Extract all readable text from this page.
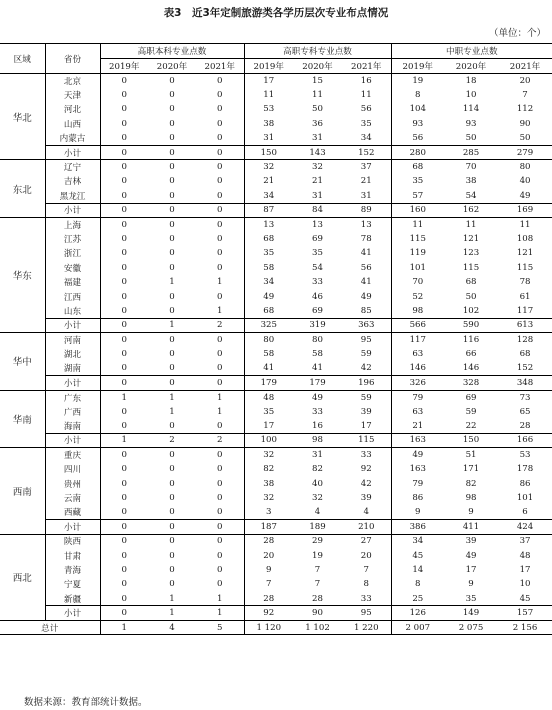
表3　近3年定制旅游类各学历层次专业布点情况
（单位：个）
区域	省份	高职本科专业点数			高职专科专业点数			中职专业点数		
		2019年	2020年	2021年	2019年	2020年	2021年	2019年	2020年	2021年
华北	北京	0	0	0	17	15	16	19	18	20
	天津	0	0	0	11	11	11	8	10	7
	河北	0	0	0	53	50	56	104	114	112
	山西	0	0	0	38	36	35	93	93	90
	内蒙古	0	0	0	31	31	34	56	50	50
	小计	0	0	0	150	143	152	280	285	279
东北	辽宁	0	0	0	32	32	37	68	70	80
	吉林	0	0	0	21	21	21	35	38	40
	黑龙江	0	0	0	34	31	31	57	54	49
	小计	0	0	0	87	84	89	160	162	169
华东	上海	0	0	0	13	13	13	11	11	11
	江苏	0	0	0	68	69	78	115	121	108
	浙江	0	0	0	35	35	41	119	123	121
	安徽	0	0	0	58	54	56	101	115	115
	福建	0	1	1	34	33	41	70	68	78
	江西	0	0	0	49	46	49	52	50	61
	山东	0	0	1	68	69	85	98	102	117
	小计	0	1	2	325	319	363	566	590	613
华中	河南	0	0	0	80	80	95	117	116	128
	湖北	0	0	0	58	58	59	63	66	68
	湖南	0	0	0	41	41	42	146	146	152
	小计	0	0	0	179	179	196	326	328	348
华南	广东	1	1	1	48	49	59	79	69	73
	广西	0	1	1	35	33	39	63	59	65
	海南	0	0	0	17	16	17	21	22	28
	小计	1	2	2	100	98	115	163	150	166
西南	重庆	0	0	0	32	31	33	49	51	53
	四川	0	0	0	82	82	92	163	171	178
	贵州	0	0	0	38	40	42	79	82	86
	云南	0	0	0	32	32	39	86	98	101
	西藏	0	0	0	3	4	4	9	9	6
	小计	0	0	0	187	189	210	386	411	424
西北	陕西	0	0	0	28	29	27	34	39	37
	甘肃	0	0	0	20	19	20	45	49	48
	青海	0	0	0	9	7	7	14	17	17
	宁夏	0	0	0	7	7	8	8	9	10
	新疆	0	1	1	28	28	33	25	35	45
	小计	0	1	1	92	90	95	126	149	157
总计		1	4	5	1 120	1 102	1 220	2 007	2 075	2 156
数据来源：教育部统计数据。
